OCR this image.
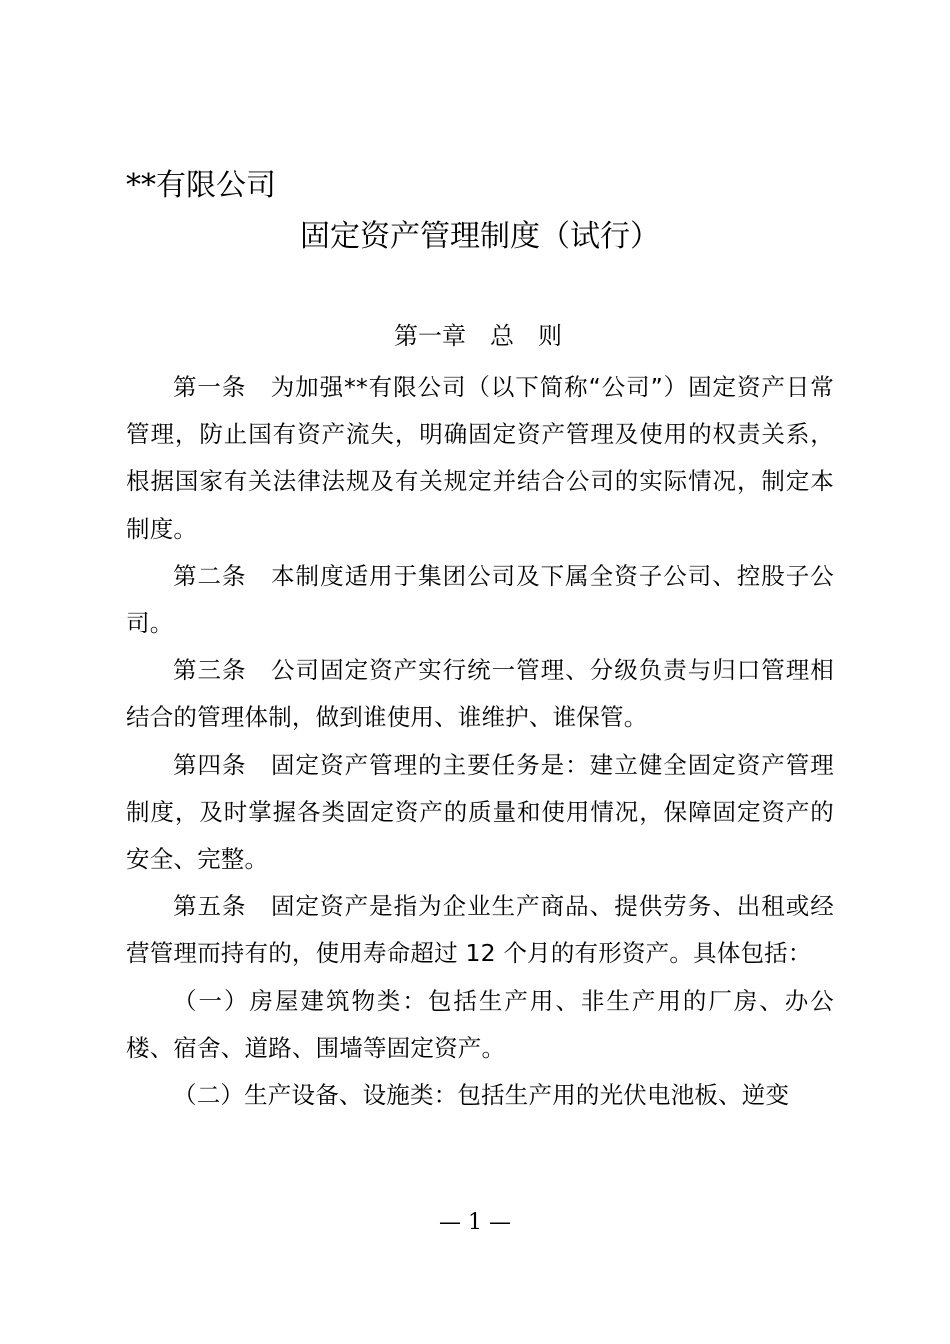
**有限公司
固定资产管理制度（试行）
第一章　总　则

第一条　为加强**有限公司（以下简称“公司”）固定资产日常管理，防止国有资产流失，明确固定资产管理及使用的权责关系，根据国家有关法律法规及有关规定并结合公司的实际情况，制定本制度。

第二条　本制度适用于集团公司及下属全资子公司、控股子公司。

第三条　公司固定资产实行统一管理、分级负责与归口管理相结合的管理体制，做到谁使用、谁维护、谁保管。

第四条　固定资产管理的主要任务是：建立健全固定资产管理制度，及时掌握各类固定资产的质量和使用情况，保障固定资产的安全、完整。

第五条　固定资产是指为企业生产商品、提供劳务、出租或经营管理而持有的，使用寿命超过 12 个月的有形资产。具体包括：

（一）房屋建筑物类：包括生产用、非生产用的厂房、办公楼、宿舍、道路、围墙等固定资产。

（二）生产设备、设施类：包括生产用的光伏电池板、逆变

— 1 —
